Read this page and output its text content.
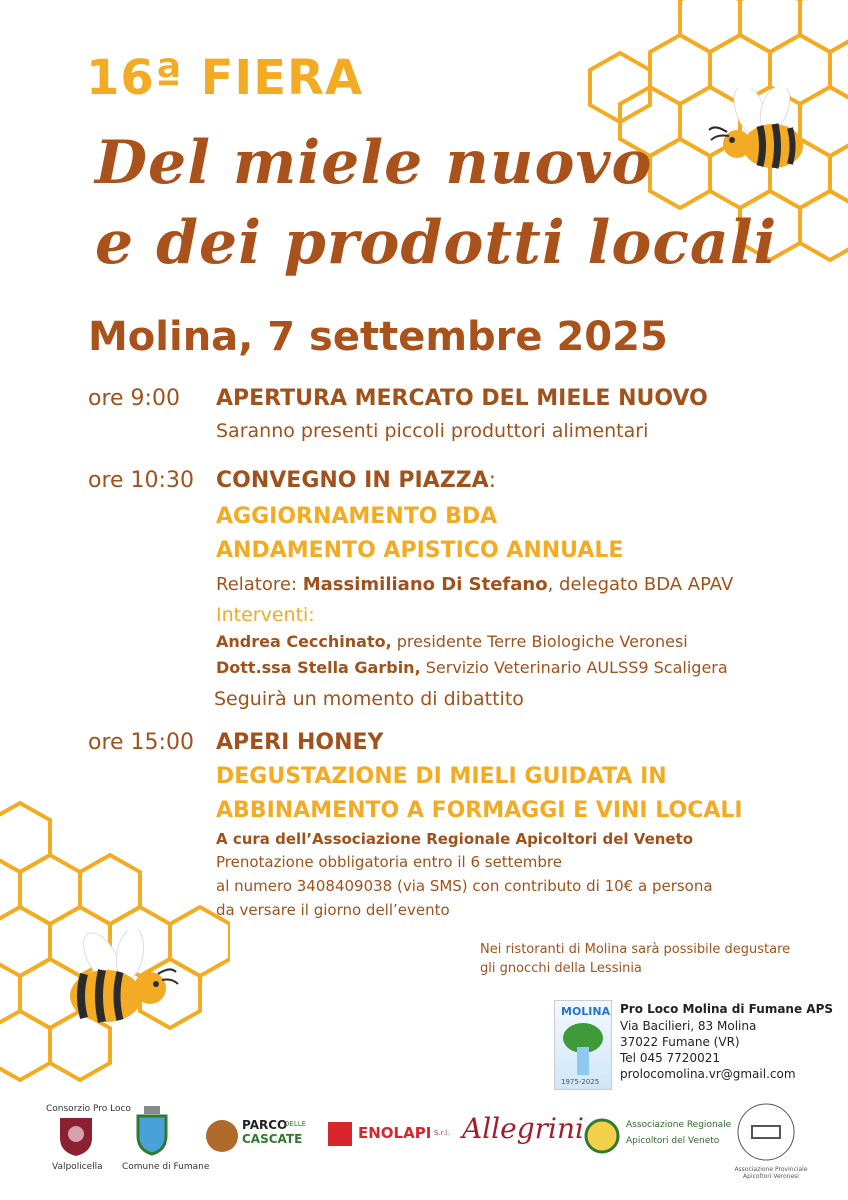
16ª FIERA
Del miele nuovo
e dei prodotti locali
Molina, 7 settembre 2025
ore 9:00 APERTURA MERCATO DEL MIELE NUOVO
Saranno presenti piccoli produttori alimentari
ore 10:30 CONVEGNO IN PIAZZA:
AGGIORNAMENTO BDA
ANDAMENTO APISTICO ANNUALE
Relatore: Massimiliano Di Stefano, delegato BDA APAV
Interventi:
Andrea Cecchinato, presidente Terre Biologiche Veronesi
Dott.ssa Stella Garbin, Servizio Veterinario AULSS9 Scaligera
Seguirà un momento di dibattito
ore 15:00 APERI HONEY
DEGUSTAZIONE DI MIELI GUIDATA IN
ABBINAMENTO A FORMAGGI E VINI LOCALI
A cura dell’Associazione Regionale Apicoltori del Veneto
Prenotazione obbligatoria entro il 6 settembre
al numero 3408409038 (via SMS) con contributo di 10€ a persona
da versare il giorno dell’evento
Nei ristoranti di Molina sarà possibile degustare
gli gnocchi della Lessinia
MOLINA
1975-2025
Pro Loco Molina di Fumane APS
Via Bacilieri, 83 Molina
37022 Fumane (VR)
Tel 045 7720021
prolocomolina.vr@gmail.com
Consorzio Pro Loco
Valpolicella Comune di Fumane
PARCO
DELLE
CASCATE	ENOLAPI S.r.l. Allegrini	Associazione Regionale
Apicoltori del Veneto
Associazione Provinciale Apicoltori Veronesi
